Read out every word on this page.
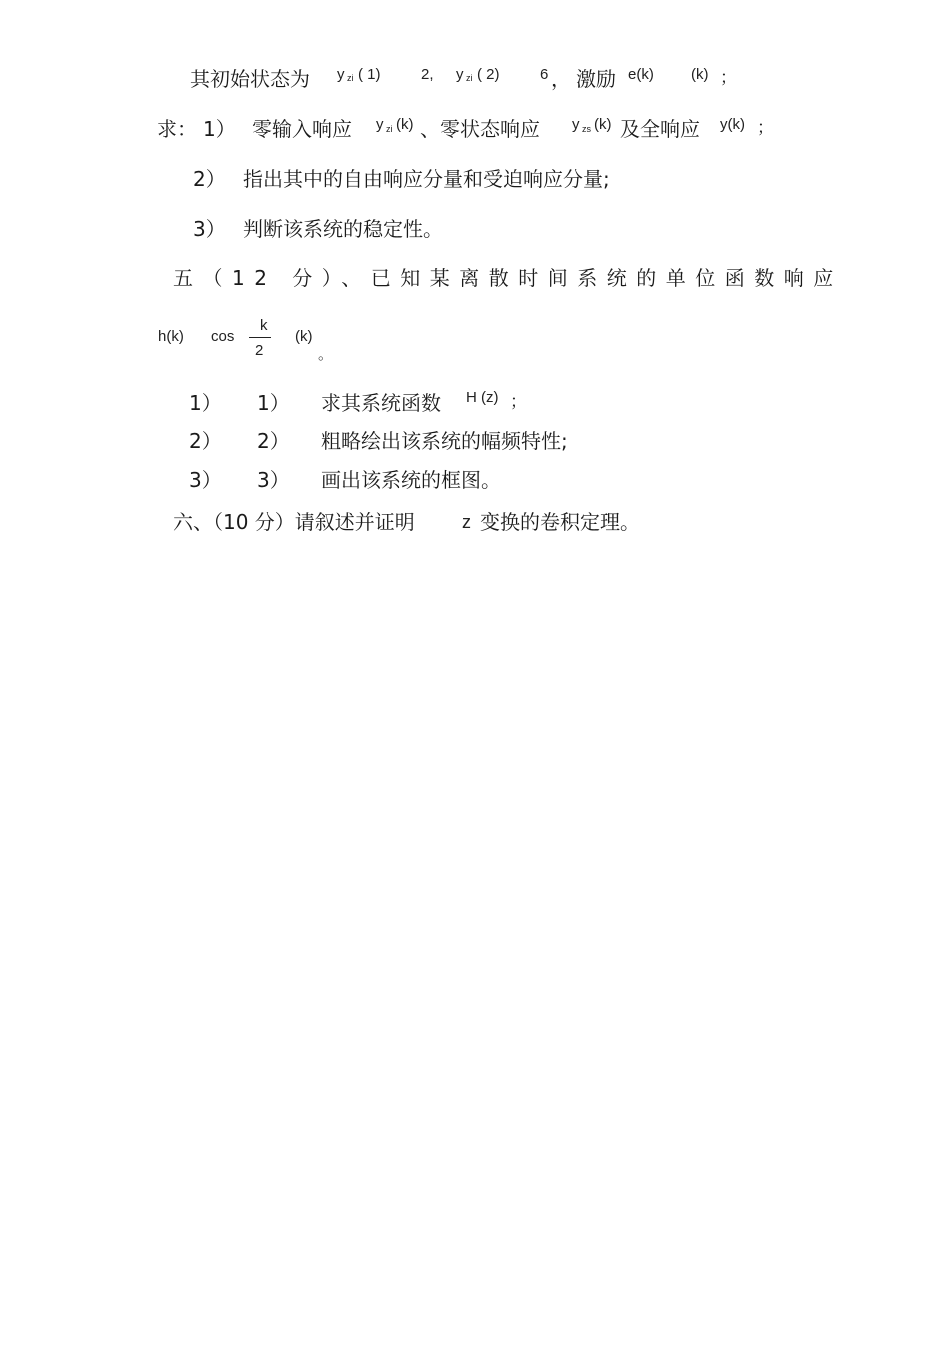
其初始状态为 y zi ( 1)	2, y zi ( 2)	6 ， 激励 e(k) (k) ；
求： 1） 零输入响应 y zi (k) 、零状态响应 y zs (k) 及全响应 y(k) ；
2） 指出其中的自由响应分量和受迫响应分量;
3） 判断该系统的稳定性。
五（12 分）、已知某离散时间系统的单位函数响应
h(k) cos
k
2
(k)
。
1） 1） 求其系统函数 H (z) ；
2） 2） 粗略绘出该系统的幅频特性;
3） 3） 画出该系统的框图。
六、（10 分）请叙述并证明	z 变换的卷积定理。
